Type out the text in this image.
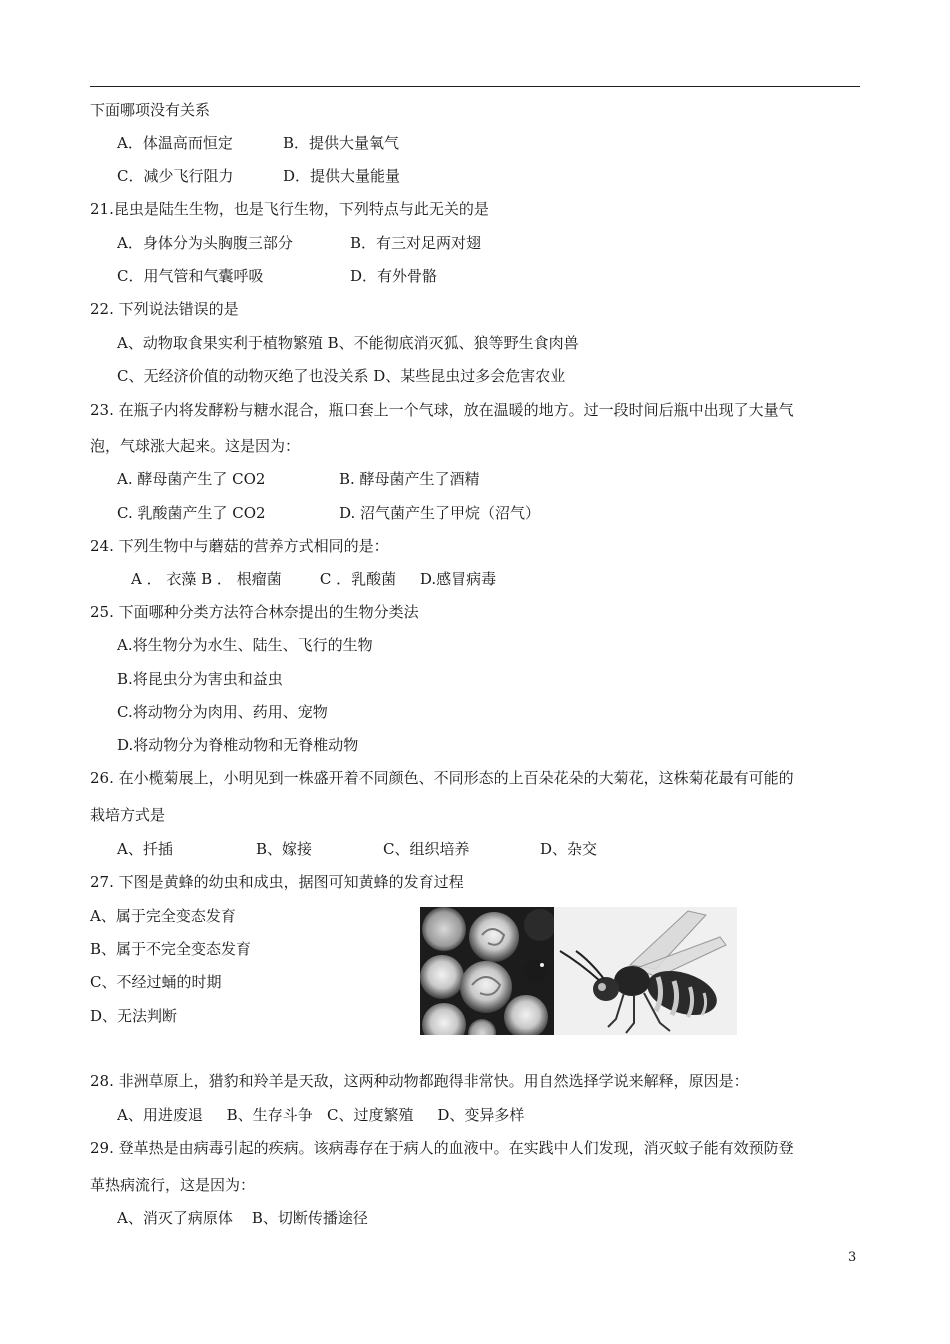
下面哪项没有关系
A．体温高而恒定	B．提供大量氧气
C．减少飞行阻力	D．提供大量能量
21.昆虫是陆生生物，也是飞行生物，下列特点与此无关的是
A．身体分为头胸腹三部分	B．有三对足两对翅
C．用气管和气囊呼吸	D．有外骨骼
22. 下列说法错误的是
A、动物取食果实利于植物繁殖 B、不能彻底消灭狐、狼等野生食肉兽
C、无经济价值的动物灭绝了也没关系 D、某些昆虫过多会危害农业
23. 在瓶子内将发酵粉与糖水混合，瓶口套上一个气球，放在温暖的地方。过一段时间后瓶中出现了大量气
泡，气球涨大起来。这是因为：
A. 酵母菌产生了 CO2	B. 酵母菌产生了酒精
C. 乳酸菌产生了 CO2	D. 沼气菌产生了甲烷（沼气）
24. 下列生物中与蘑菇的营养方式相同的是：
A ． 衣藻 B ． 根瘤菌        C ．乳酸菌     D.感冒病毒
25. 下面哪种分类方法符合林奈提出的生物分类法
A.将生物分为水生、陆生、飞行的生物
B.将昆虫分为害虫和益虫
C.将动物分为肉用、药用、宠物
D.将动物分为脊椎动物和无脊椎动物
26. 在小榄菊展上，小明见到一株盛开着不同颜色、不同形态的上百朵花朵的大菊花，这株菊花最有可能的
栽培方式是
A、扦插	B、嫁接	C、组织培养	D、杂交
27. 下图是黄蜂的幼虫和成虫，据图可知黄蜂的发育过程
A、属于完全变态发育
B、属于不完全变态发育
C、不经过蛹的时期
D、无法判断
28. 非洲草原上，猎豹和羚羊是天敌，这两种动物都跑得非常快。用自然选择学说来解释，原因是：
A、用进废退     B、生存斗争   C、过度繁殖     D、变异多样
29. 登革热是由病毒引起的疾病。该病毒存在于病人的血液中。在实践中人们发现，消灭蚊子能有效预防登
革热病流行，这是因为：
A、消灭了病原体    B、切断传播途径
3
